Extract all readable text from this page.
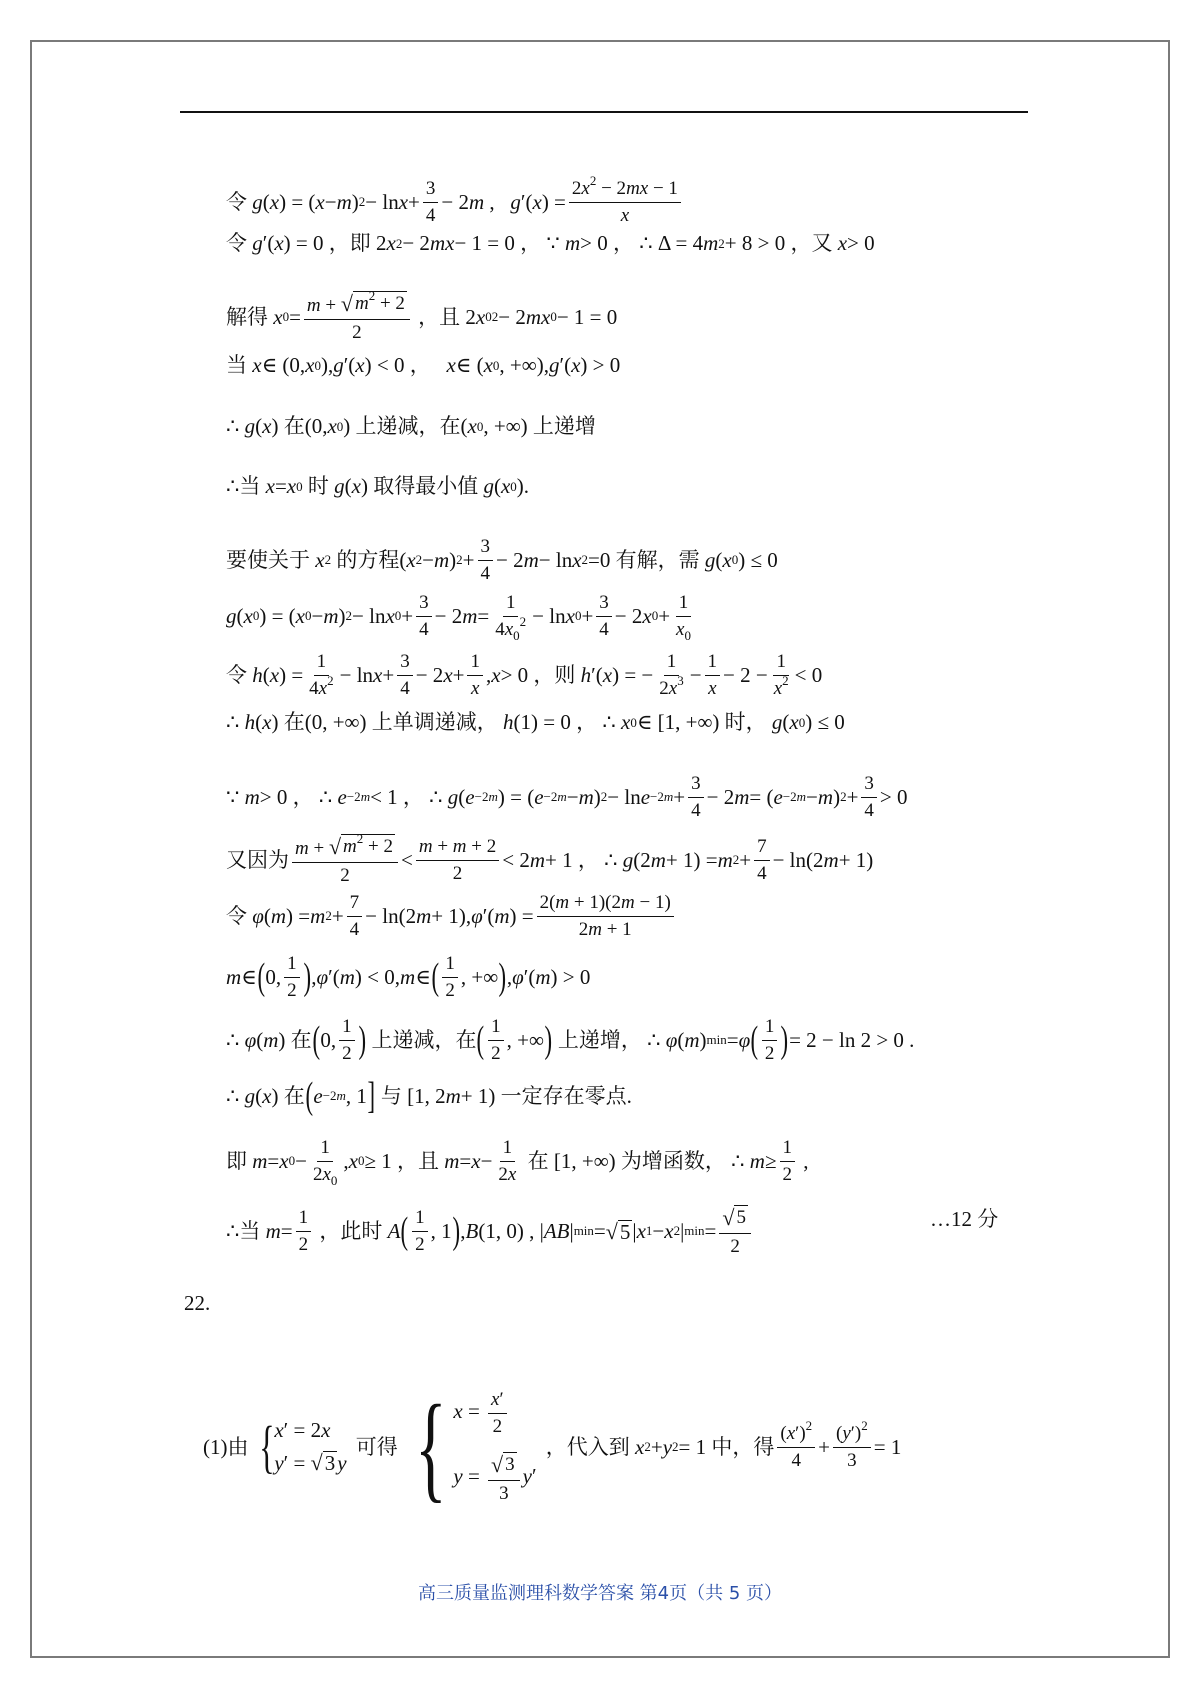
令
g ( x ) = ( x − m ) $2 - \ln x + \frac{3}{4} - 2$ m , g ′( x ) = $\frac{2x^2 - 2mx - 1}{x}$
令
g ′( x ) = 0 ，即 2 x 2 − 2 mx − 1 = 0 ， ∵
m > 0 ， ∴ Δ = 4 m 2 + 8 > 0 ，又
x > 0
解得
x $0 = \frac{m + √ m^2 + 2}{2}$
，且 2 x 0 2 − 2 mx 0 − 1 = 0
当
x ∈ (0, x 0 ), g ′( x ) < 0 ， x ∈ ( x 0 , +∞), g ′( x ) > 0
∴
g ( x ) 在 (0, x 0 ) 上递减，在 ( x 0 , +∞) 上递增
∴ 当
x = x 0
时
g ( x ) 取得最小值
g ( x 0 ).
要使关于
x 2
的方程 ( x 2 − m ) $2 + \frac{3}{4} - 2$ m − ln x 2 =0 有解，需
g ( x 0 ) ≤ 0
g ( x 0 ) = ( x 0 − m ) 2 − ln x $0 + \frac{3}{4} - 2$ $m = \frac{1}{4x_0^2} - \ln x$ $0 + \frac{3}{4} - 2$ x $0 + \frac{1}{x_0}$
令
h ( x ) = $\frac{1}{4x^2} - \ln x + \frac{3}{4} - 2$ $x + \frac{1}{x}$ , x > 0 ，则
h ′( x ) = − $\frac{1}{2x^3} - \frac{1}{x} - 2 - \frac{1}{x^2} < 0$
∴
h ( x ) 在 (0, +∞) 上单调递减，
h (1) = 0 ， ∴
x 0 ∈ [1, +∞) 时，
g ( x 0 ) ≤ 0
∵
m > 0 ， ∴
e −2m < 1 ， ∴
g ( e −2m ) = ( e −2m − m ) $2 - \ln e -2m + \frac{3}{4} - 2$ m = ( e −2m − m ) $2 + \frac{3}{4} > 0$
又因为 $\frac{m + √ m^2 + 2}{2} < \frac{m + m + 2}{2} < 2$ m + 1 ， ∴
g (2 m + 1) = m $2 + \frac{7}{4} - \ln(2$ m + 1)
令
φ ( m ) = m $2 + \frac{7}{4} - \ln(2$ m + 1), φ ′( m ) = $\frac{2(m + 1)(2m - 1)}{2m + 1}$
m ∈ ( 0, $\frac{1}{2}$ ) , φ ′( m ) < 0, m ∈ ( $\frac{1}{2}$ , +∞ ) , φ ′( m ) > 0
∴
φ ( m ) 在 ( 0, $\frac{1}{2}$ )
上递减，在 ( $\frac{1}{2}$ , +∞ )
上递增，
∴
φ ( m ) min = φ ( $\frac{1}{2}$ ) = 2 − ln 2 > 0 .
∴
g ( x ) 在 ( e −2m , 1 ]
与 [1, 2 m + 1) 一定存在零点.
即
m = x $0 - \frac{1}{2x_0}$ , x 0 ≥ 1 ，且
$m = x - \frac{1}{2x}$
在 [1, +∞) 为增函数，
∴
$m \ge \frac{1}{2}$ ,
∴ 当
$m = \frac{1}{2}$
，此时
A ( $\frac{1}{2}$ , 1 ) , B (1, 0) , | AB | min = √ 5 | x 1 − x 2 | $\min = \frac{√ 5}{2}$	…12 分
22.
(1)由 { x′ = 2x
y′ = √ 3 y

可得 { $x = \frac{x'}{2}$
$y = \frac{√ 3}{3} y'$

，代入到
x 2 + y 2 = 1 中，得 $\frac{(x')^2}{4} + \frac{(y')^2}{3} = 1$
高三质量监测理科数学答案 第4页（共 5 页）
